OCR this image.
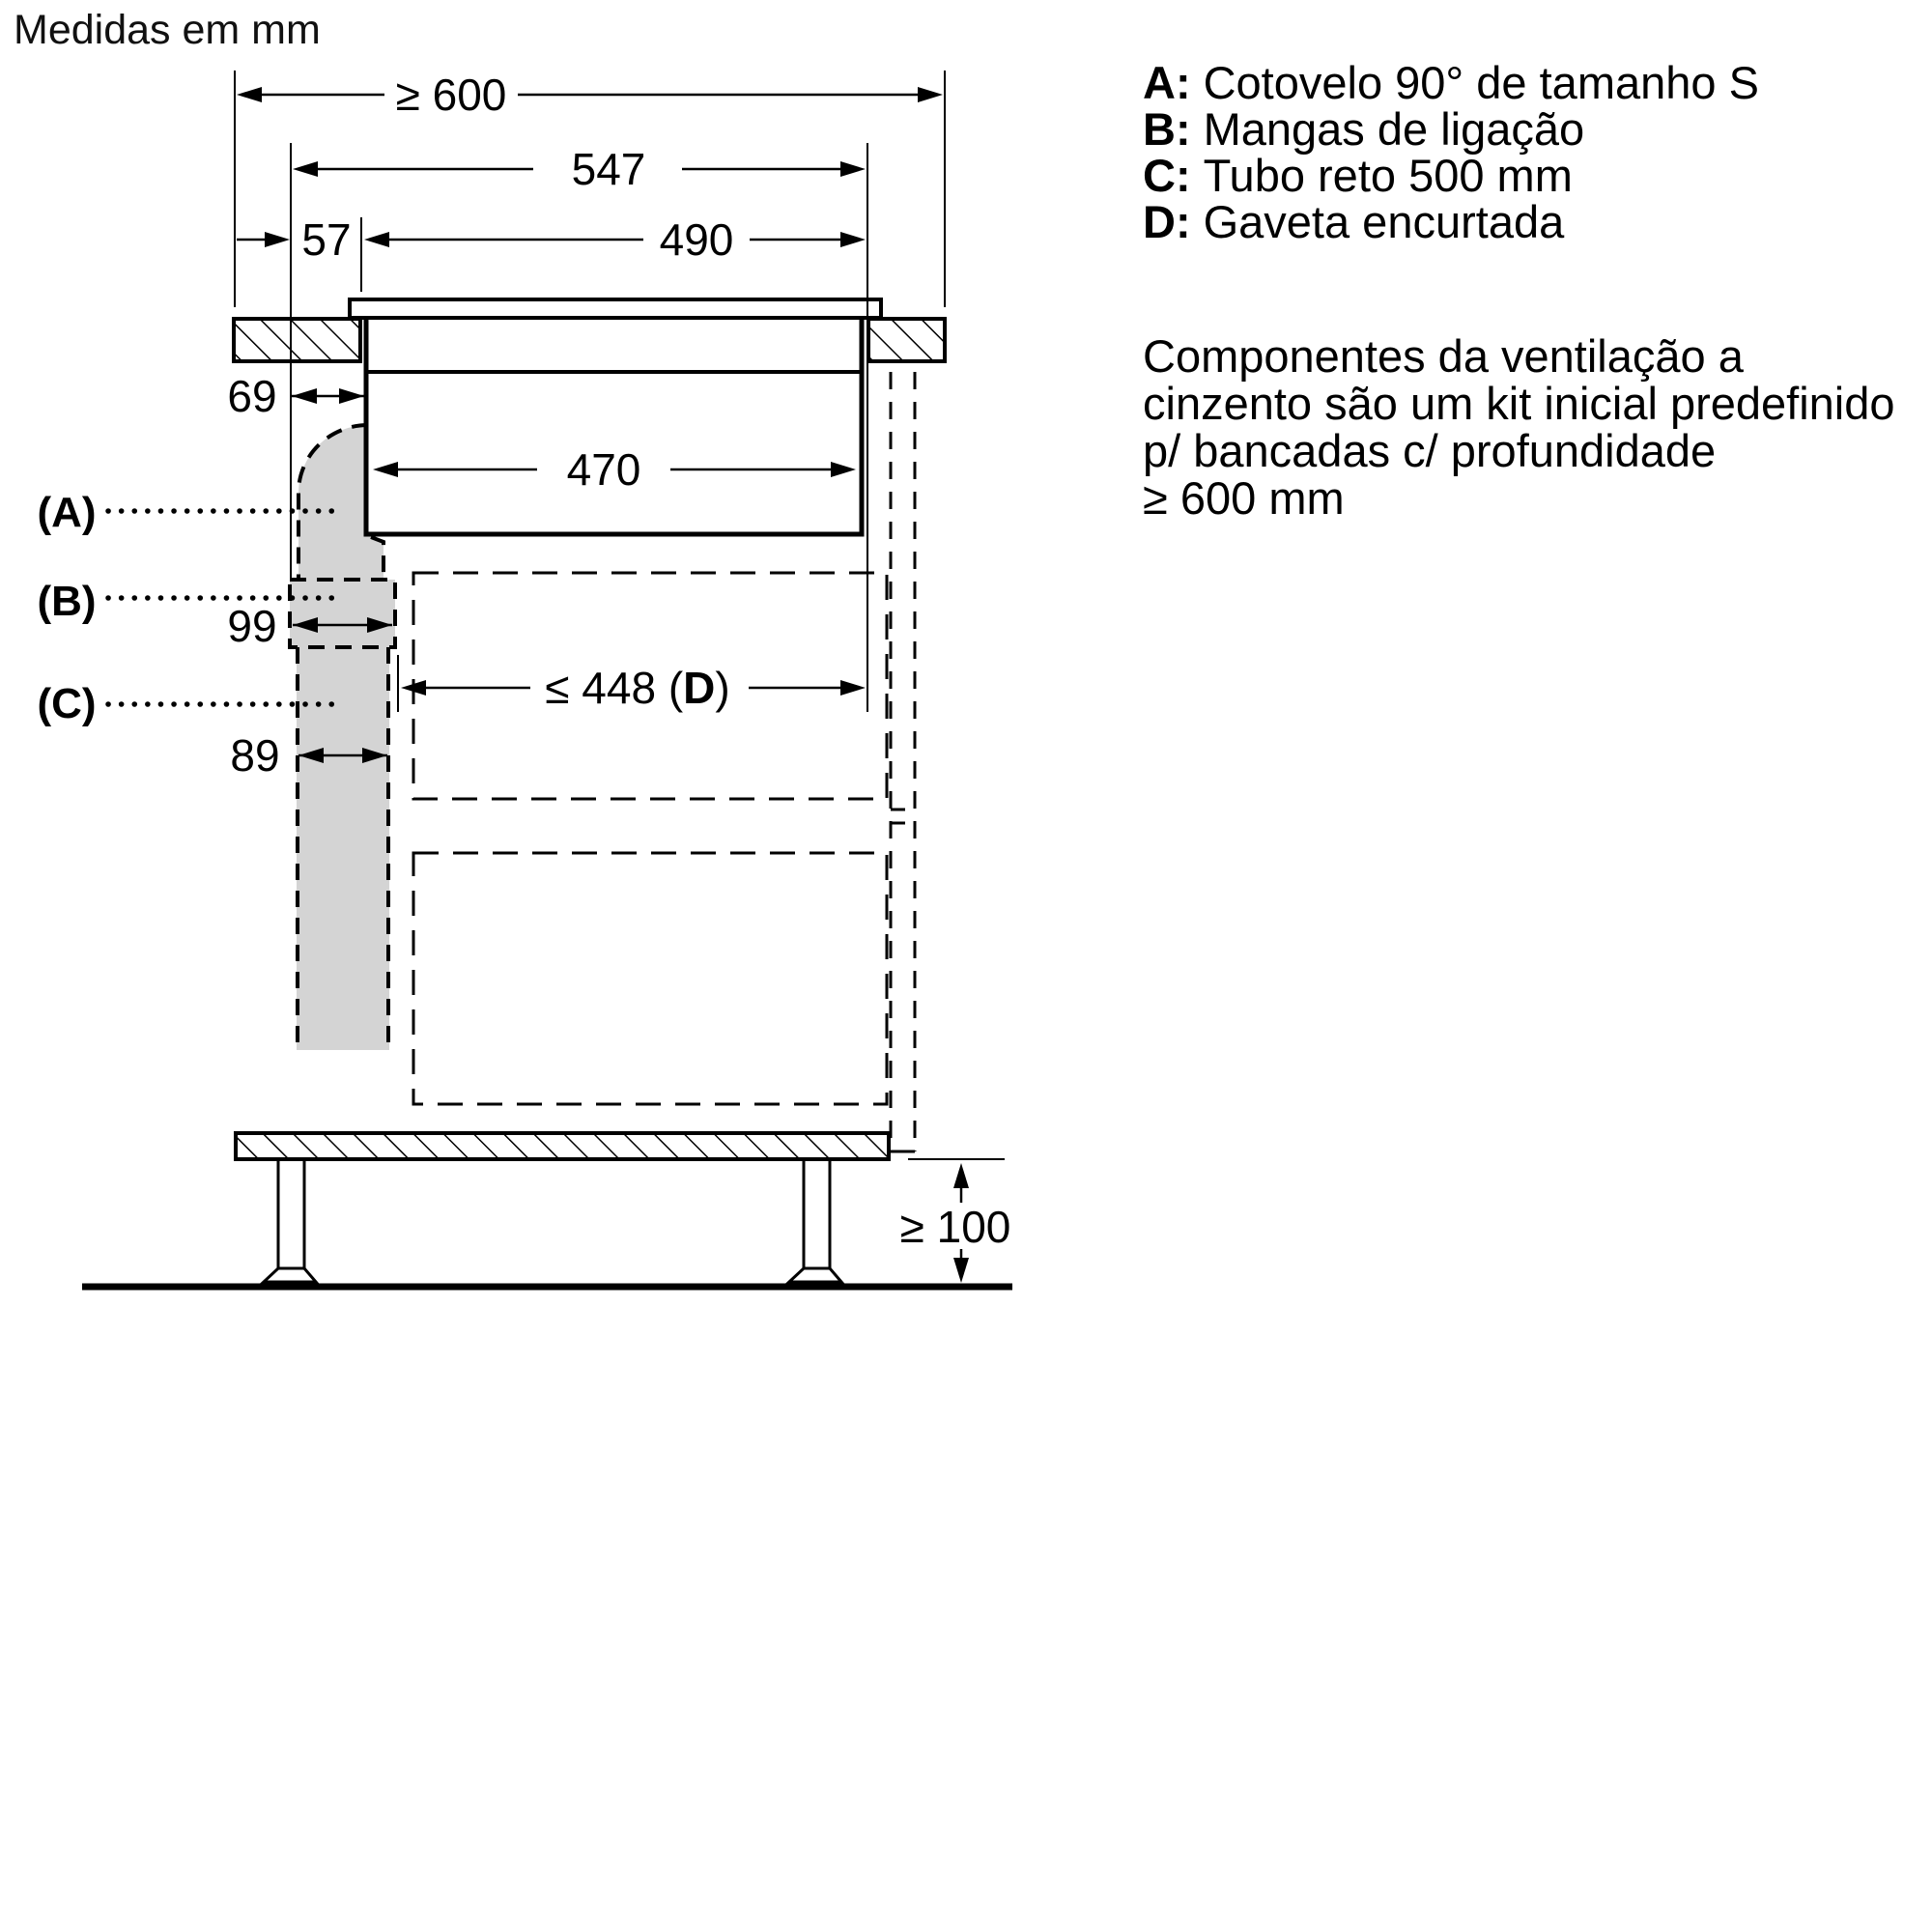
Medidas em mm
≥ 600
547
57	490
69
470
99
≤ 448 (D)
89
≥ 100
(A)
(B)
(C)
A: Cotovelo 90° de tamanho S
B: Mangas de ligação
C: Tubo reto 500 mm
D: Gaveta encurtada
Componentes da ventilação a
cinzento são um kit inicial predefinido
p/ bancadas c/ profundidade
≥ 600 mm
